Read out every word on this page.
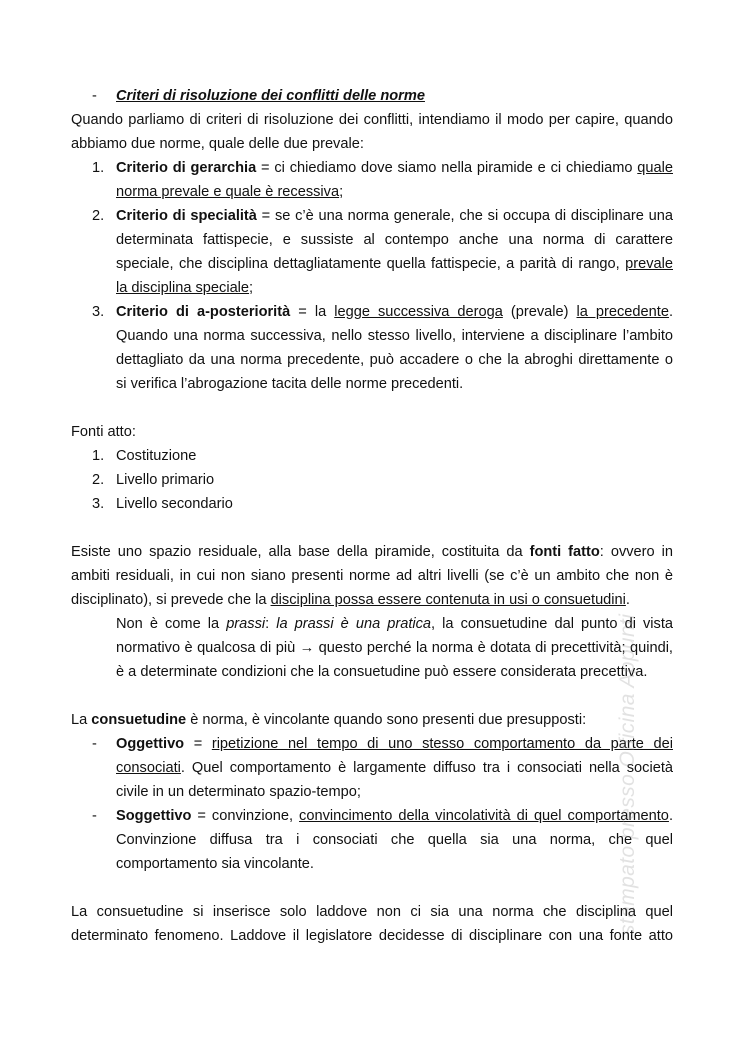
- Criteri di risoluzione dei conflitti delle norme
Quando parliamo di criteri di risoluzione dei conflitti, intendiamo il modo per capire, quando
abbiamo due norme, quale delle due prevale:
1. Criterio di gerarchia = ci chiediamo dove siamo nella piramide e ci chiediamo quale
norma prevale e quale è recessiva;
2. Criterio di specialità = se c’è una norma generale, che si occupa di disciplinare una
determinata fattispecie, e sussiste al contempo anche una norma di carattere
speciale, che disciplina dettagliatamente quella fattispecie, a parità di rango, prevale
la disciplina speciale;
3. Criterio di a-posteriorità = la legge successiva deroga (prevale) la precedente.
Quando una norma successiva, nello stesso livello, interviene a disciplinare l’ambito
dettagliato da una norma precedente, può accadere o che la abroghi direttamente o
si verifica l’abrogazione tacita delle norme precedenti.
Fonti atto:
1. Costituzione
2. Livello primario
3. Livello secondario
Esiste uno spazio residuale, alla base della piramide, costituita da fonti fatto: ovvero in
ambiti residuali, in cui non siano presenti norme ad altri livelli (se c’è un ambito che non è
disciplinato), si prevede che la disciplina possa essere contenuta in usi o consuetudini.
Non è come la prassi: la prassi è una pratica, la consuetudine dal punto di vista
normativo è qualcosa di più → questo perché la norma è dotata di precettività; quindi,
è a determinate condizioni che la consuetudine può essere considerata precettiva.
La consuetudine è norma, è vincolante quando sono presenti due presupposti:
- Oggettivo = ripetizione nel tempo di uno stesso comportamento da parte dei
consociati. Quel comportamento è largamente diffuso tra i consociati nella società
civile in un determinato spazio-tempo;
- Soggettivo = convinzione, convincimento della vincolatività di quel comportamento.
Convinzione diffusa tra i consociati che quella sia una norma, che quel
comportamento sia vincolante.
La consuetudine si inserisce solo laddove non ci sia una norma che disciplina quel
determinato fenomeno. Laddove il legislatore decidesse di disciplinare con una fonte atto
stampato presso Officina Appunti
